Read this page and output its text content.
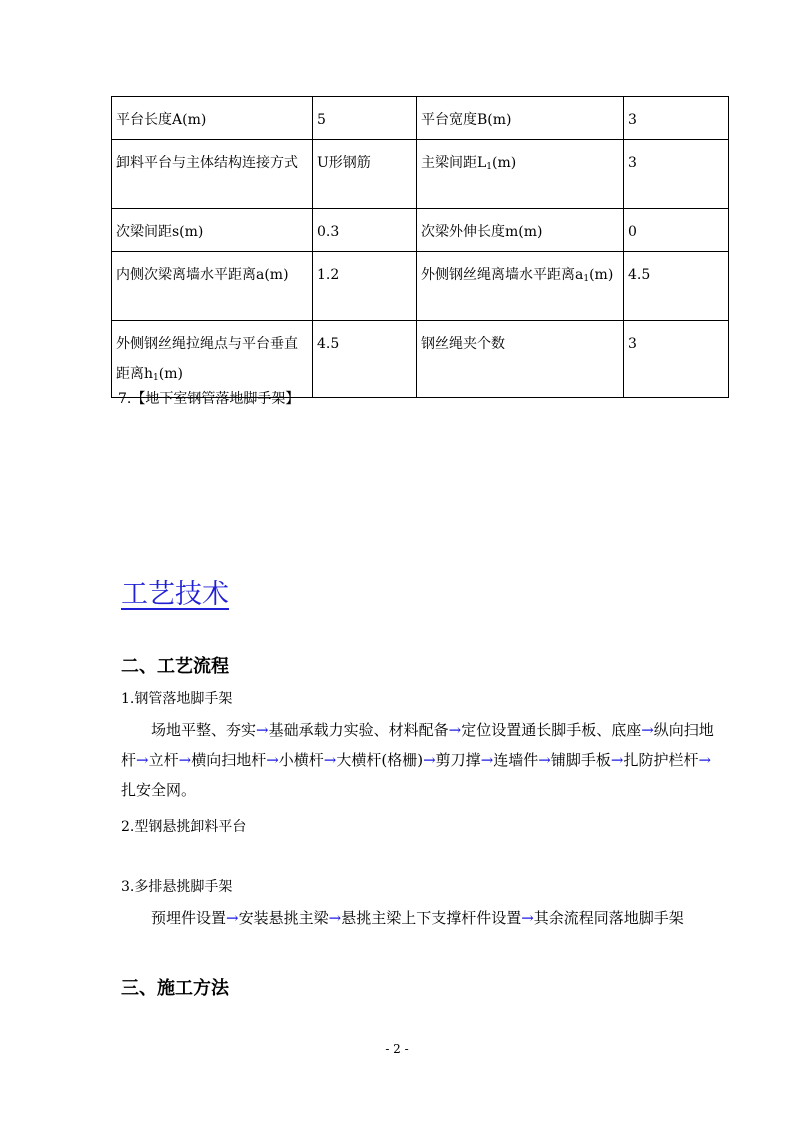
平台长度A(m)	5	平台宽度B(m)	3
卸料平台与主体结构连接方式	U形钢筋	主梁间距$L_1(m)$	3
次梁间距s(m)	0.3	次梁外伸长度m(m)	0
内侧次梁离墙水平距离a(m)	1.2	外侧钢丝绳离墙水平距离$a_1(m)$	4.5
外侧钢丝绳拉绳点与平台垂直距离$h_1(m)$	4.5	钢丝绳夹个数	3
7.【地下室钢管落地脚手架】
工艺技术
二、工艺流程
1.钢管落地脚手架
场地平整、夯实→基础承载力实验、材料配备→定位设置通长脚手板、底座→纵向扫地杆→立杆→横向扫地杆→小横杆→大横杆(格栅)→剪刀撑→连墙件→铺脚手板→扎防护栏杆→扎安全网。
2.型钢悬挑卸料平台
3.多排悬挑脚手架
预埋件设置→安装悬挑主梁→悬挑主梁上下支撑杆件设置→其余流程同落地脚手架
三、施工方法
- 2 -
